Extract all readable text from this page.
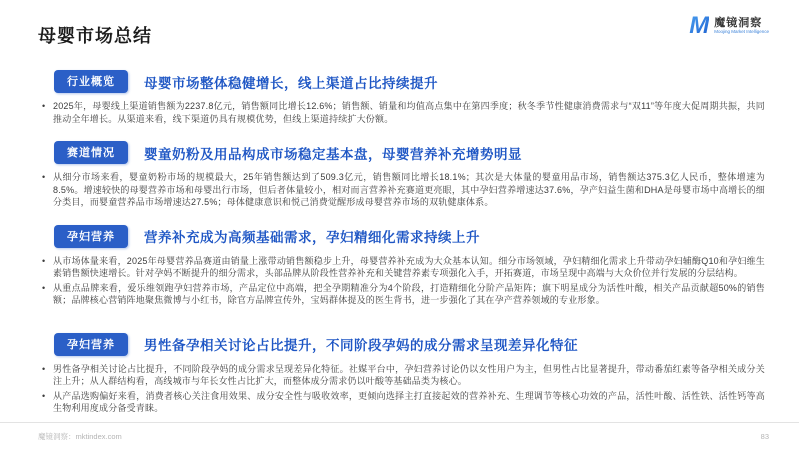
M 魔镜洞察
Moojing Market Intelligence
母婴市场总结
行业概览	母婴市场整体稳健增长，线上渠道占比持续提升
• 2025年，母婴线上渠道销售额为2237.8亿元，销售额同比增长12.6%；销售额、销量和均值高点集中在第四季度；秋冬季节性健康消费需求与“双11”等年度大促周期共振，共同推动全年增长。从渠道来看，线下渠道仍具有规模优势，但线上渠道持续扩大份额。
赛道情况	婴童奶粉及用品构成市场稳定基本盘，母婴营养补充增势明显
• 从细分市场来看，婴童奶粉市场的规模最大，25年销售额达到了509.3亿元，销售额同比增长18.1%；其次是大体量的婴童用品市场，销售额达375.3亿人民币，整体增速为8.5%。增速较快的母婴营养市场和母婴出行市场，但后者体量较小，相对而言营养补充赛道更亮眼，其中孕妇营养增速达37.6%，孕产妇益生菌和DHA是母婴市场中高增长的细分类目，而婴童营养品市场增速达27.5%；母体健康意识和悦己消费觉醒形成母婴营养市场的双轨健康体系。
孕妇营养	营养补充成为高频基础需求，孕妇精细化需求持续上升
• 从市场体量来看，2025年母婴营养品赛道由销量上涨带动销售额稳步上升，母婴营养补充成为大众基本认知。细分市场领域，孕妇精细化需求上升带动孕妇辅酶Q10和孕妇维生素销售额快速增长。针对孕妈不断提升的细分需求，头部品牌从阶段性营养补充和关键营养素专项强化入手，开拓赛道，市场呈现中高端与大众价位并行发展的分层结构。
• 从重点品牌来看，爱乐维领跑孕妇营养市场，产品定位中高端，把全孕期精准分为4个阶段，打造精细化分阶产品矩阵；旗下明星成分为活性叶酸，相关产品贡献超50%的销售额；品牌核心营销阵地聚焦微博与小红书，除官方品牌宣传外，宝妈群体提及的医生背书，进一步强化了其在孕产营养领域的专业形象。
孕妇营养	男性备孕相关讨论占比提升，不同阶段孕妈的成分需求呈现差异化特征
• 男性备孕相关讨论占比提升，不同阶段孕妈的成分需求呈现差异化特征。社媒平台中，孕妇营养讨论仍以女性用户为主，但男性占比显著提升，带动番茄红素等备孕相关成分关注上升；从人群结构看，高线城市与年长女性占比扩大，而整体成分需求仍以叶酸等基础品类为核心。
• 从产品选购偏好来看，消费者核心关注食用效果、成分安全性与吸收效率，更倾向选择主打直接起效的营养补充、生理调节等核心功效的产品，活性叶酸、活性铁、活性钙等高生物利用度成分备受青睐。
魔镜洞察：mktindex.com	83
